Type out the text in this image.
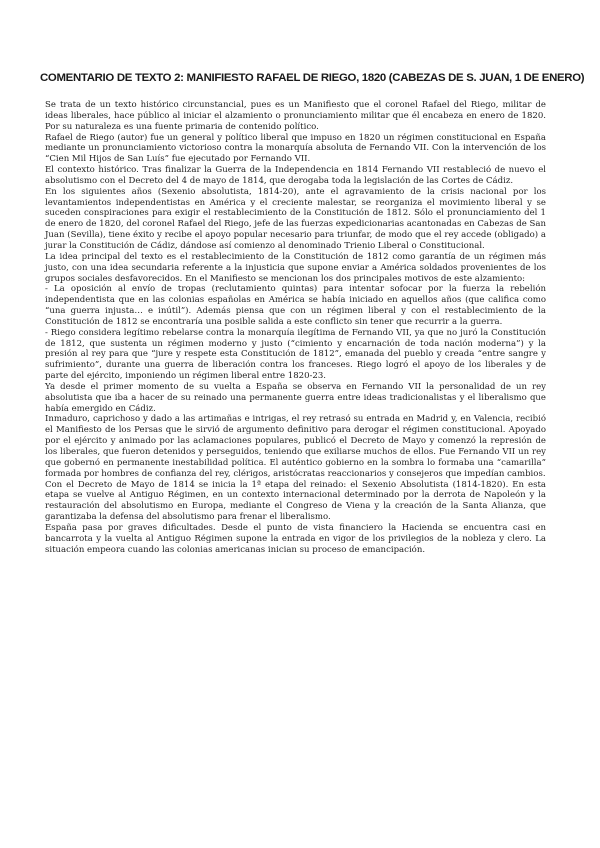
COMENTARIO DE TEXTO 2: MANIFIESTO RAFAEL DE RIEGO, 1820 (CABEZAS DE S. JUAN, 1 DE ENERO)

Se trata de un texto histórico circunstancial, pues es un Manifiesto que el coronel Rafael del Riego, militar de ideas liberales, hace público al iniciar el alzamiento o pronunciamiento militar que él encabeza en enero de 1820. Por su naturaleza es una fuente primaria de contenido político.

Rafael de Riego (autor) fue un general y político liberal que impuso en 1820 un régimen constitucional en España mediante un pronunciamiento victorioso contra la monarquía absoluta de Fernando VII. Con la intervención de los “Cien Mil Hijos de San Luís” fue ejecutado por Fernando VII.

El contexto histórico. Tras finalizar la Guerra de la Independencia en 1814 Fernando VII restableció de nuevo el absolutismo con el Decreto del 4 de mayo de 1814, que derogaba toda la legislación de las Cortes de Cádiz.

En los siguientes años (Sexenio absolutista, 1814-20), ante el agravamiento de la crisis nacional por los levantamientos independentistas en América y el creciente malestar, se reorganiza el movimiento liberal y se suceden conspiraciones para exigir el restablecimiento de la Constitución de 1812. Sólo el pronunciamiento del 1 de enero de 1820, del coronel Rafael del Riego, jefe de las fuerzas expedicionarias acantonadas en Cabezas de San Juan (Sevilla), tiene éxito y recibe el apoyo popular necesario para triunfar, de modo que el rey accede (obligado) a jurar la Constitución de Cádiz, dándose así comienzo al denominado Trienio Liberal o Constitucional.

La idea principal del texto es el restablecimiento de la Constitución de 1812 como garantía de un régimen más justo, con una idea secundaria referente a la injusticia que supone enviar a América soldados provenientes de los grupos sociales desfavorecidos. En el Manifiesto se mencionan los dos principales motivos de este alzamiento:

- La oposición al envío de tropas (reclutamiento quintas) para intentar sofocar por la fuerza la rebelión independentista que en las colonias españolas en América se había iniciado en aquellos años (que califica como “una guerra injusta… e inútil”). Además piensa que con un régimen liberal y con el restablecimiento de la Constitución de 1812 se encontraría una posible salida a este conflicto sin tener que recurrir a la guerra.

- Riego considera legítimo rebelarse contra la monarquía ilegítima de Fernando VII, ya que no juró la Constitución de 1812, que sustenta un régimen moderno y justo (“cimiento y encarnación de toda nación moderna”) y la presión al rey para que “jure y respete esta Constitución de 1812”, emanada del pueblo y creada “entre sangre y sufrimiento”, durante una guerra de liberación contra los franceses. Riego logró el apoyo de los liberales y de parte del ejército, imponiendo un régimen liberal entre 1820-23.

Ya desde el primer momento de su vuelta a España se observa en Fernando VII la personalidad de un rey absolutista que iba a hacer de su reinado una permanente guerra entre ideas tradicionalistas y el liberalismo que había emergido en Cádiz.

Inmaduro, caprichoso y dado a las artimañas e intrigas, el rey retrasó su entrada en Madrid y, en Valencia, recibió el Manifiesto de los Persas que le sirvió de argumento definitivo para derogar el régimen constitucional. Apoyado por el ejército y animado por las aclamaciones populares, publicó el Decreto de Mayo y comenzó la represión de los liberales, que fueron detenidos y perseguidos, teniendo que exiliarse muchos de ellos. Fue Fernando VII un rey que gobernó en permanente inestabilidad política. El auténtico gobierno en la sombra lo formaba una “camarilla” formada por hombres de confianza del rey, clérigos, aristócratas reaccionarios y consejeros que impedían cambios.

Con el Decreto de Mayo de 1814 se inicia la 1ª etapa del reinado: el Sexenio Absolutista (1814-1820). En esta etapa se vuelve al Antiguo Régimen, en un contexto internacional determinado por la derrota de Napoleón y la restauración del absolutismo en Europa, mediante el Congreso de Viena y la creación de la Santa Alianza, que garantizaba la defensa del absolutismo para frenar el liberalismo.

España pasa por graves dificultades. Desde el punto de vista financiero la Hacienda se encuentra casi en bancarrota y la vuelta al Antiguo Régimen supone la entrada en vigor de los privilegios de la nobleza y clero. La situación empeora cuando las colonias americanas inician su proceso de emancipación.
